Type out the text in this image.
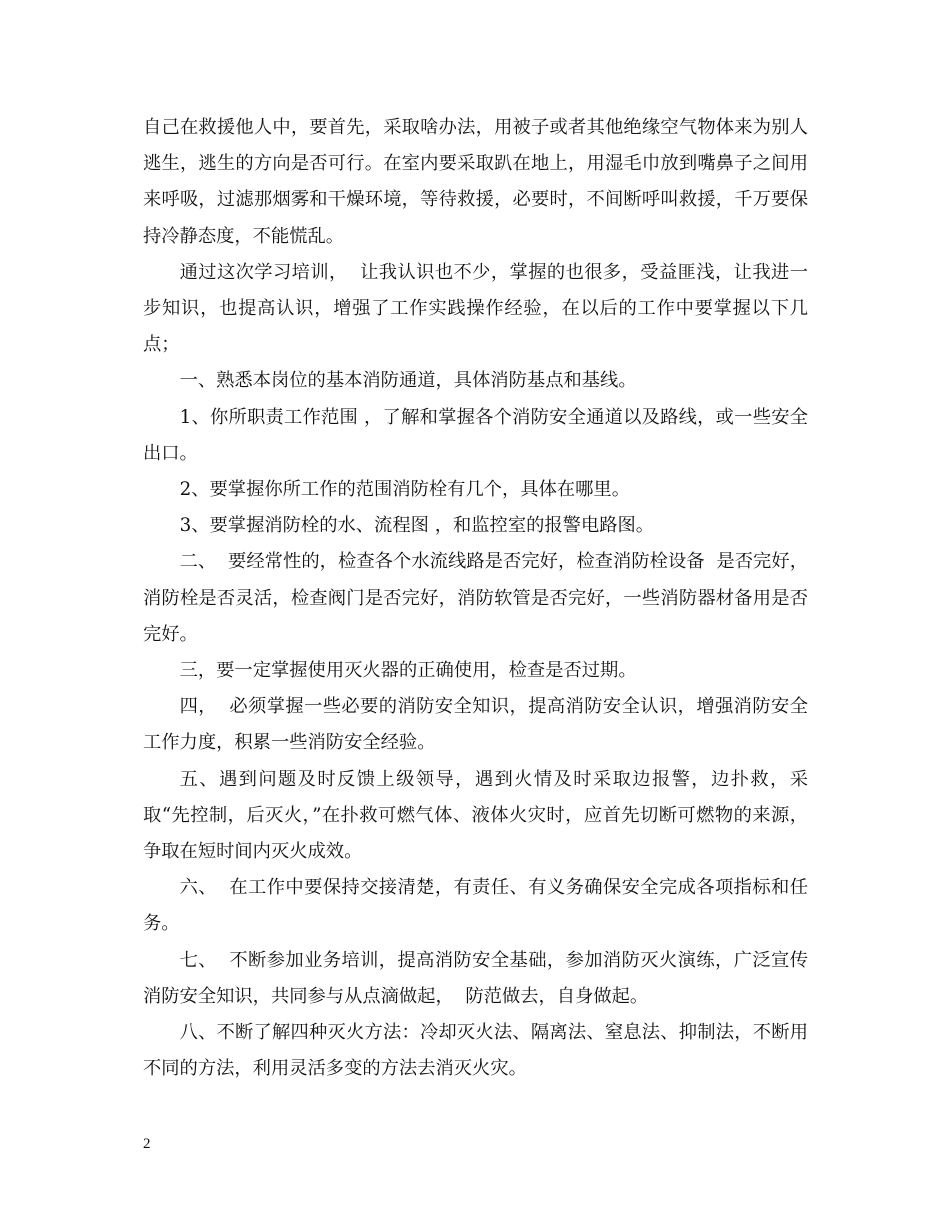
自己在救援他人中，要首先，采取啥办法，用被子或者其他绝缘空气物体来为别人逃生，逃生的方向是否可行。在室内要采取趴在地上，用湿毛巾放到嘴鼻子之间用来呼吸，过滤那烟雾和干燥环境，等待救援，必要时，不间断呼叫救援，千万要保持冷静态度，不能慌乱。

通过这次学习培训，  让我认识也不少，掌握的也很多，受益匪浅，让我进一步知识，也提高认识，增强了工作实践操作经验，在以后的工作中要掌握以下几点；

一、熟悉本岗位的基本消防通道，具体消防基点和基线。

1、你所职责工作范围 ，了解和掌握各个消防安全通道以及路线，或一些安全出口。

2、要掌握你所工作的范围消防栓有几个，具体在哪里。

3、要掌握消防栓的水、流程图 ，和监控室的报警电路图。

二、  要经常性的，检查各个水流线路是否完好，检查消防栓设备  是否完好，消防栓是否灵活，检查阀门是否完好，消防软管是否完好，一些消防器材备用是否完好。

三，要一定掌握使用灭火器的正确使用，检查是否过期。

四，  必须掌握一些必要的消防安全知识，提高消防安全认识，增强消防安全工作力度，积累一些消防安全经验。

五、遇到问题及时反馈上级领导，遇到火情及时采取边报警，边扑救，采取“先控制，后灭火，”在扑救可燃气体、液体火灾时，应首先切断可燃物的来源，争取在短时间内灭火成效。

六、  在工作中要保持交接清楚，有责任、有义务确保安全完成各项指标和任务。

七、  不断参加业务培训，提高消防安全基础，参加消防灭火演练，广泛宣传消防安全知识，共同参与从点滴做起，  防范做去，自身做起。

八、不断了解四种灭火方法：冷却灭火法、隔离法、窒息法、抑制法，不断用不同的方法，利用灵活多变的方法去消灭火灾。

2
